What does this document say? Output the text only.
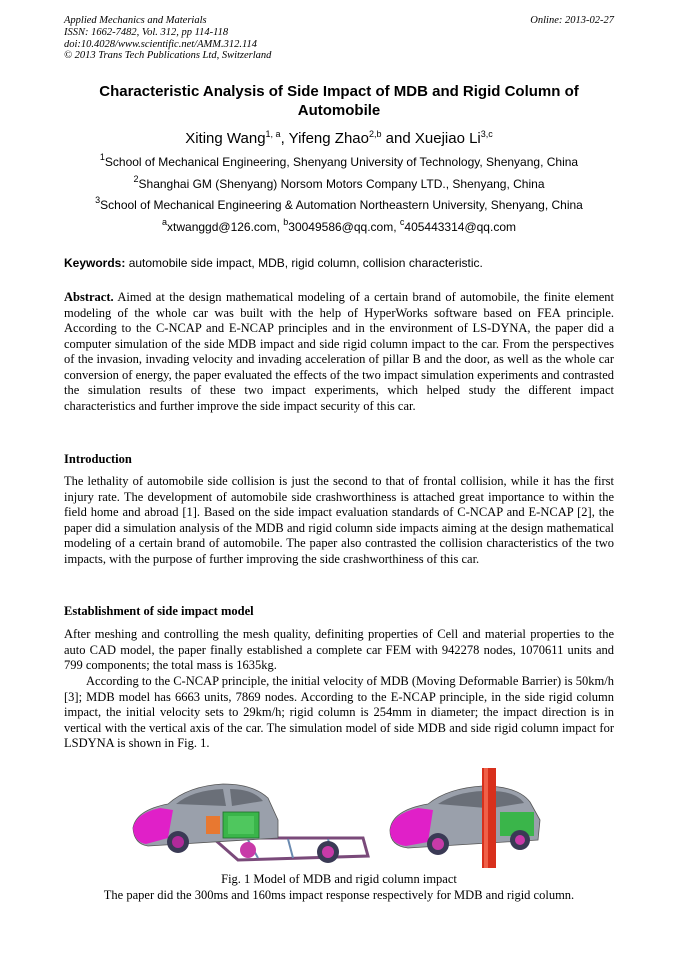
Applied Mechanics and Materials
ISSN: 1662-7482, Vol. 312, pp 114-118
doi:10.4028/www.scientific.net/AMM.312.114
© 2013 Trans Tech Publications Ltd, Switzerland
Online: 2013-02-27
Characteristic Analysis of Side Impact of MDB and Rigid Column of Automobile
Xiting Wang$^{1, a}$, Yifeng Zhao$^{2,b}$ and Xuejiao Li$^{3,c}$
$^1$School of Mechanical Engineering, Shenyang University of Technology, Shenyang, China
$^2$Shanghai GM (Shenyang) Norsom Motors Company LTD., Shenyang, China
$^3$School of Mechanical Engineering & Automation Northeastern University, Shenyang, China
$^a$xtwanggd@126.com, $^b$30049586@qq.com, $^c$405443314@qq.com
Keywords: automobile side impact, MDB, rigid column, collision characteristic.

Abstract. Aimed at the design mathematical modeling of a certain brand of automobile, the finite element modeling of the whole car was built with the help of HyperWorks software based on FEA principle. According to the C-NCAP and E-NCAP principles and in the environment of LS-DYNA, the paper did a computer simulation of the side MDB impact and side rigid column impact to the car. From the perspectives of the invasion, invading velocity and invading acceleration of pillar B and the door, as well as the whole car conversion of energy, the paper evaluated the effects of the two impact simulation experiments and contrasted the simulation results of these two impact experiments, which helped study the different impact characteristics and further improve the side impact security of this car.

Introduction

The lethality of automobile side collision is just the second to that of frontal collision, while it has the first injury rate. The development of automobile side crashworthiness is attached great importance to within the field home and abroad [1]. Based on the side impact evaluation standards of C-NCAP and E-NCAP [2], the paper did a simulation analysis of the MDB and rigid column side impacts aiming at the design mathematical modeling of a certain brand of automobile. The paper also contrasted the collision characteristics of the two impacts, with the purpose of further improving the side crashworthiness of this car.

Establishment of side impact model

After meshing and controlling the mesh quality, definiting properties of Cell and material properties to the auto CAD model, the paper finally established a complete car FEM with 942278 nodes, 1070611 units and 799 components; the total mass is 1635kg.

According to the C-NCAP principle, the initial velocity of MDB (Moving Deformable Barrier) is 50km/h [3]; MDB model has 6663 units, 7869 nodes. According to the E-NCAP principle, in the side rigid column impact, the initial velocity sets to 29km/h; rigid column is 254mm in diameter; the impact direction is in vertical with the vertical axis of the car. The simulation model of side MDB and side rigid column impact for LSDYNA is shown in Fig. 1.

Fig. 1 Model of MDB and rigid column impact
The paper did the 300ms and 160ms impact response respectively for MDB and rigid column.
